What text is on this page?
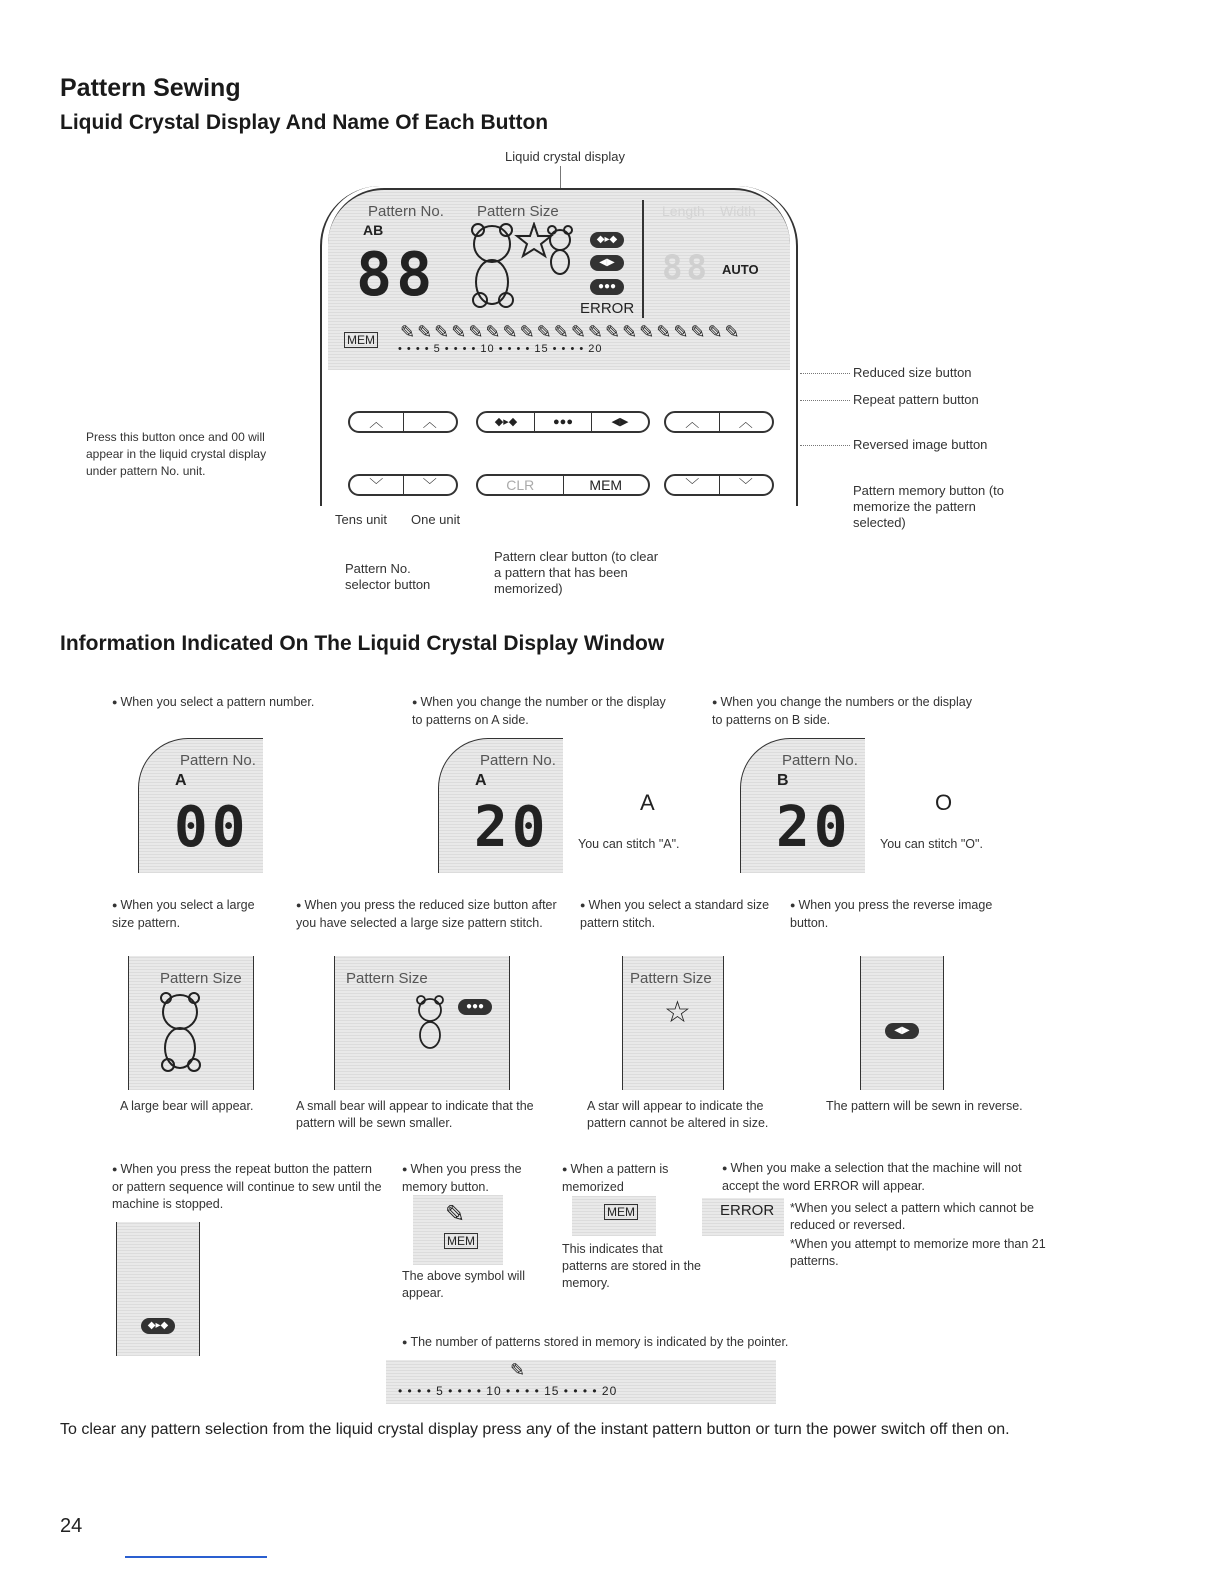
Pattern Sewing
Liquid Crystal Display And Name Of Each Button
Liquid crystal display
Pattern No. Pattern Size	Length Width
AB
88
◆▸◆
◀▶
●●●
ERROR
88 AUTO
MEM ✎✎✎✎✎✎✎✎✎✎✎✎✎✎✎✎✎✎✎✎
• • • • 5 • • • • 10 • • • • 15 • • • • 20
︿	︿
﹀	﹀
◆▸◆	●●●	◀▶
CLR	MEM
︿	︿
﹀	﹀
Tens unit One unit
Pattern No. selector button
Pattern clear button (to clear a pattern that has been memorized)
Press this button once and 00 will appear in the liquid crystal display under pattern No. unit.
Reduced size button
Repeat pattern button
Reversed image button
Pattern memory button (to memorize the pattern selected)
Information Indicated On The Liquid Crystal Display Window
● When you select a pattern number.
●	When you change the number or the display to patterns on A side.
● When you change the numbers or the display to patterns on B side.
Pattern No.
A
00
Pattern No.
A
20	A
You can stitch "A".
Pattern No.
B
20	O
You can stitch "O".
● When you select a large size pattern.
● When you press the reduced size button after you have selected a large size pattern stitch.
● When you select a standard size pattern stitch.
● When you press the reverse image button.
Pattern Size
A large bear will appear.
Pattern Size
●●●
A small bear will appear to indicate that the pattern will be sewn smaller.
Pattern Size
☆
A star will appear to indicate the pattern cannot be altered in size.
◀▶
The pattern will be sewn in reverse.
● When you press the repeat button the pattern or pattern sequence will continue to sew until the machine is stopped.
◆▸◆
● When you press the memory button.
✎
MEM
The above symbol will appear.
● When a pattern is memorized
MEM
This indicates that patterns are stored in the memory.
● When you make a selection that the machine will not accept the word ERROR will appear.
ERROR *When you select a pattern which cannot be reduced or reversed.
*When you attempt to memorize more than 21 patterns.
● The number of patterns stored in memory is indicated by the pointer.
✎
• • • • 5 • • • • 10 • • • • 15 • • • • 20
To clear any pattern selection from the liquid crystal display press any of the instant pattern button or turn the power switch off then on.
24
